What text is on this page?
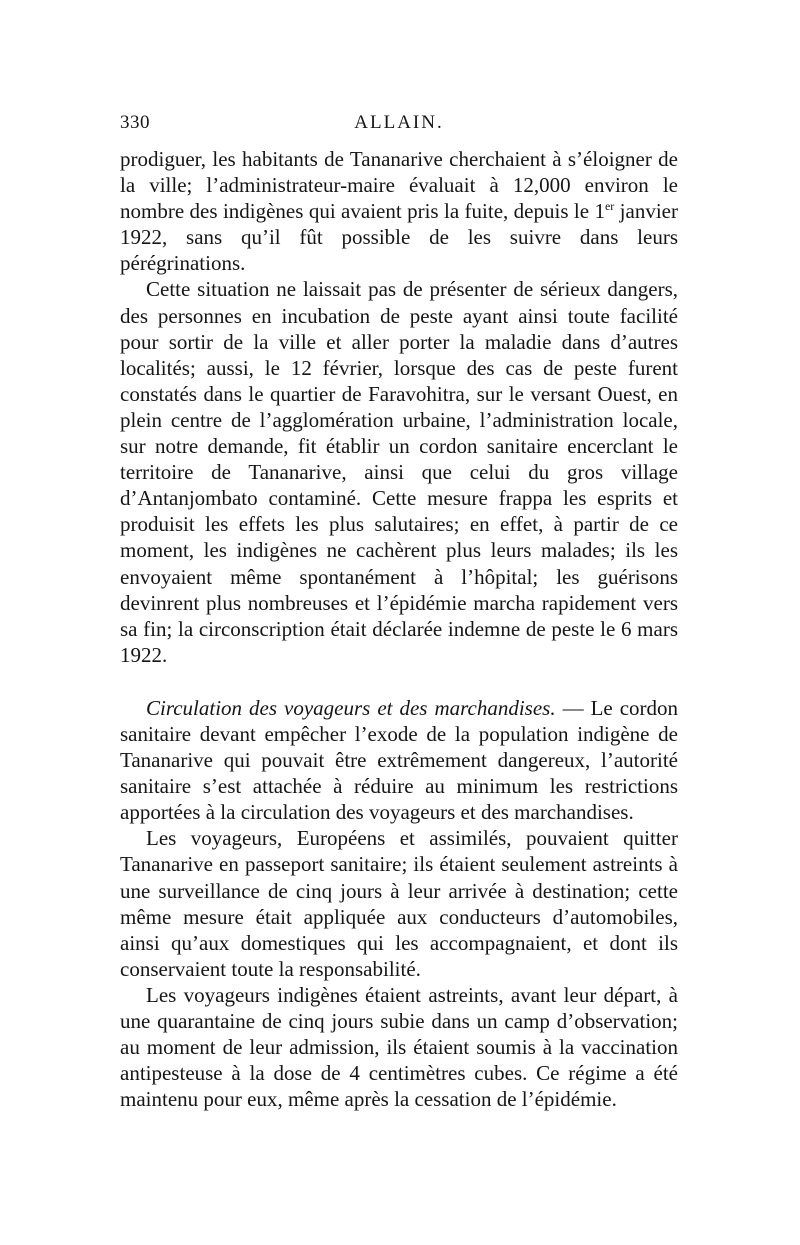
330	ALLAIN.

prodiguer, les habitants de Tananarive cherchaient à s’éloigner de la ville; l’administrateur-maire évaluait à 12,000 environ le nombre des indigènes qui avaient pris la fuite, depuis le 1er janvier 1922, sans qu’il fût possible de les suivre dans leurs pérégrinations.

Cette situation ne laissait pas de présenter de sérieux dangers, des personnes en incubation de peste ayant ainsi toute facilité pour sortir de la ville et aller porter la maladie dans d’autres localités; aussi, le 12 février, lorsque des cas de peste furent constatés dans le quartier de Faravohitra, sur le versant Ouest, en plein centre de l’agglomération urbaine, l’administration locale, sur notre demande, fit établir un cordon sanitaire encerclant le territoire de Tananarive, ainsi que celui du gros village d’Antanjombato contaminé. Cette mesure frappa les esprits et produisit les effets les plus salutaires; en effet, à partir de ce moment, les indigènes ne cachèrent plus leurs malades; ils les envoyaient même spontanément à l’hôpital; les guérisons devinrent plus nombreuses et l’épidémie marcha rapidement vers sa fin; la circonscription était déclarée indemne de peste le 6 mars 1922.

Circulation des voyageurs et des marchandises. — Le cordon sanitaire devant empêcher l’exode de la population indigène de Tananarive qui pouvait être extrêmement dangereux, l’autorité sanitaire s’est attachée à réduire au minimum les restrictions apportées à la circulation des voyageurs et des marchandises.

Les voyageurs, Européens et assimilés, pouvaient quitter Tananarive en passeport sanitaire; ils étaient seulement astreints à une surveillance de cinq jours à leur arrivée à destination; cette même mesure était appliquée aux conducteurs d’automobiles, ainsi qu’aux domestiques qui les accompagnaient, et dont ils conservaient toute la responsabilité.

Les voyageurs indigènes étaient astreints, avant leur départ, à une quarantaine de cinq jours subie dans un camp d’observation; au moment de leur admission, ils étaient soumis à la vaccination antipesteuse à la dose de 4 centimètres cubes. Ce régime a été maintenu pour eux, même après la cessation de l’épidémie.
